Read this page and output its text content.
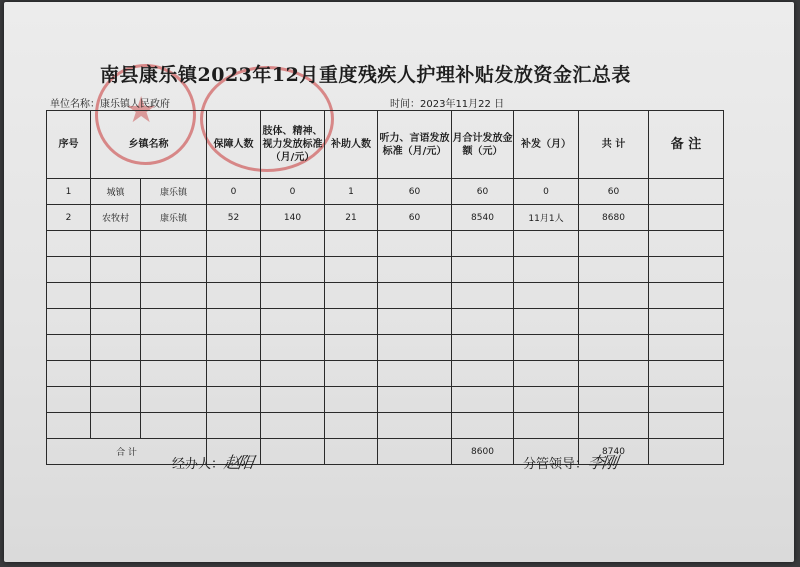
★
南县康乐镇2023年12月重度残疾人护理补贴发放资金汇总表
单位名称：康乐镇人民政府	时间：2023年11月22 日
序号	乡镇名称		保障人数	肢体、精神、视力发放标准（月/元）	补助人数	听力、言语发放标准（月/元）	月合计发放金额（元）	补发（月）	共 计	备 注
1	城镇	康乐镇	0	0	1	60	60	0	60	
2	农牧村	康乐镇	52	140	21	60	8540	11月1人	8680	

合 计							8600		8740	
经办人：赵阳	分管领导：李刚
